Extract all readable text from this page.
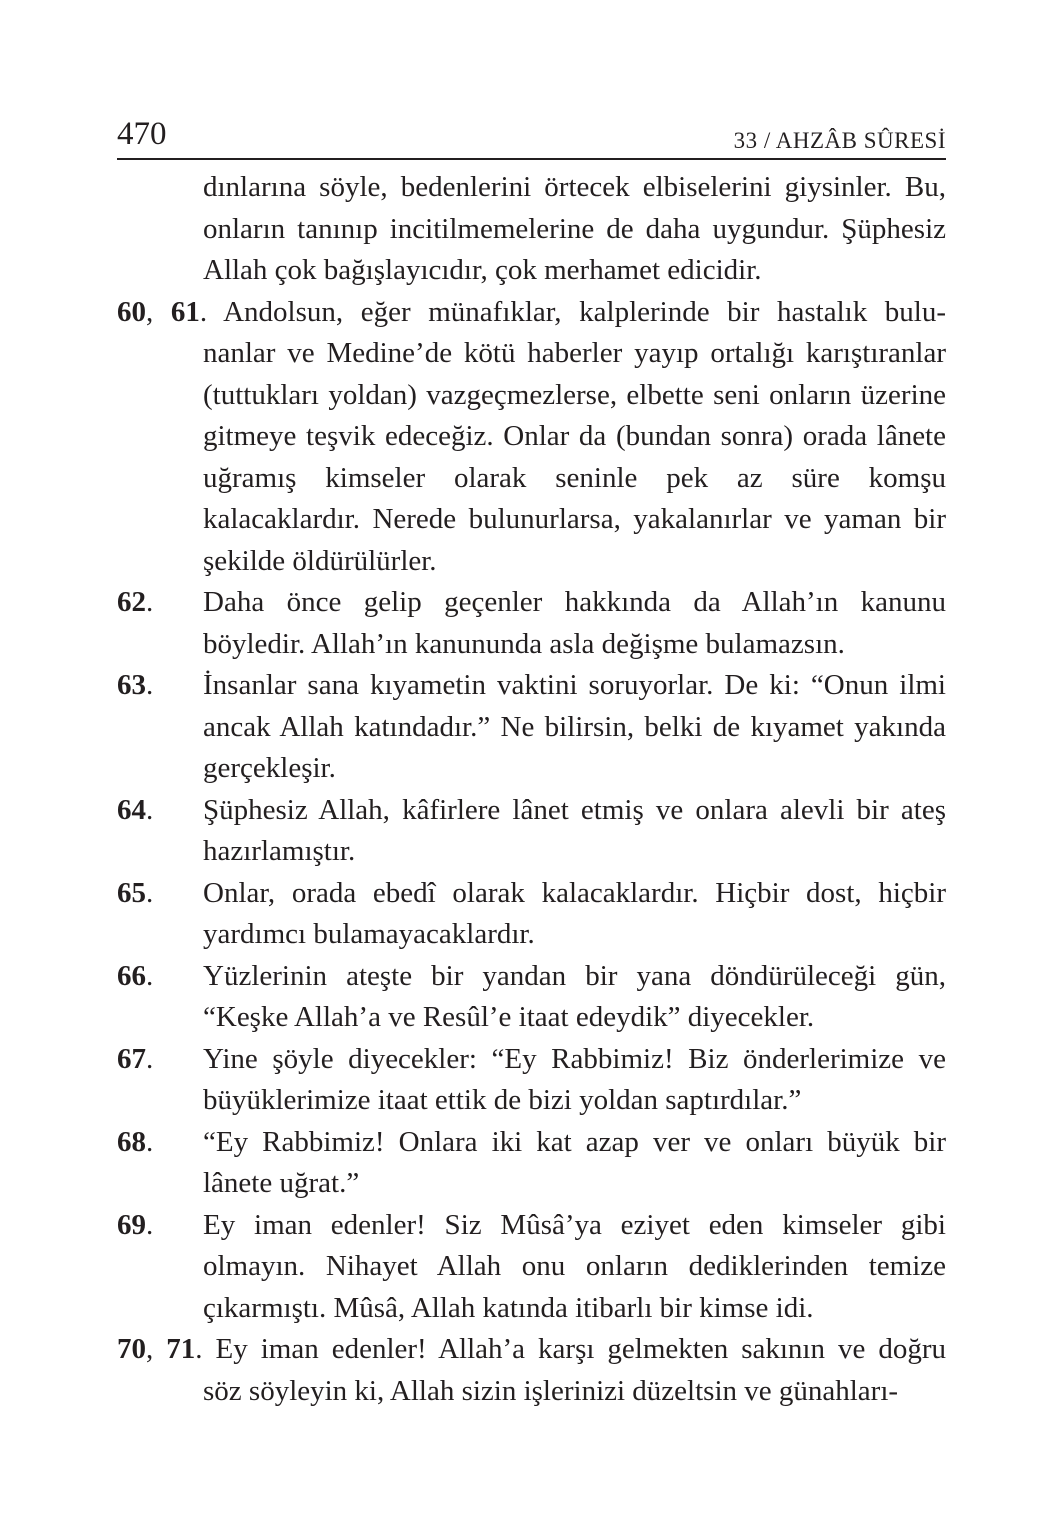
470	33 / AHZÂB SÛRESİ
dınlarına söyle, bedenlerini örtecek elbiselerini giysinler. Bu, onların tanınıp incitilmemelerine de daha uygundur. Şüphesiz Allah çok bağışlayıcıdır, çok merhamet edicidir.
60, 61. Andolsun, eğer münafıklar, kalplerinde bir hastalık bulu-
nanlar ve Medine’de kötü haberler yayıp ortalığı karıştıranlar (tuttukları yoldan) vazgeçmezlerse, elbette seni onların üzerine gitmeye teşvik edeceğiz. Onlar da (bundan sonra) orada lânete uğramış kimseler olarak seninle pek az süre komşu kalacaklardır. Nerede bulunurlarsa, yakalanırlar ve yaman bir şekilde öldürülürler.
62.	Daha önce gelip geçenler hakkında da Allah’ın kanunu böyledir. Allah’ın kanununda asla değişme bulamazsın.
63.	İnsanlar sana kıyametin vaktini soruyorlar. De ki: “Onun ilmi ancak Allah katındadır.” Ne bilirsin, belki de kıyamet yakında gerçekleşir.
64.	Şüphesiz Allah, kâfirlere lânet etmiş ve onlara alevli bir ateş hazırlamıştır.
65.	Onlar, orada ebedî olarak kalacaklardır. Hiçbir dost, hiçbir yardımcı bulamayacaklardır.
66.	Yüzlerinin ateşte bir yandan bir yana döndürüleceği gün, “Keşke Allah’a ve Resûl’e itaat edeydik” diyecekler.
67.	Yine şöyle diyecekler: “Ey Rabbimiz! Biz önderlerimize ve büyüklerimize itaat ettik de bizi yoldan saptırdılar.”
68.	“Ey Rabbimiz! Onlara iki kat azap ver ve onları büyük bir lânete uğrat.”
69.	Ey iman edenler! Siz Mûsâ’ya eziyet eden kimseler gibi olmayın. Nihayet Allah onu onların dediklerinden temize çıkarmıştı. Mûsâ, Allah katında itibarlı bir kimse idi.
70, 71. Ey iman edenler! Allah’a karşı gelmekten sakının ve doğru
söz söyleyin ki, Allah sizin işlerinizi düzeltsin ve günahları-
